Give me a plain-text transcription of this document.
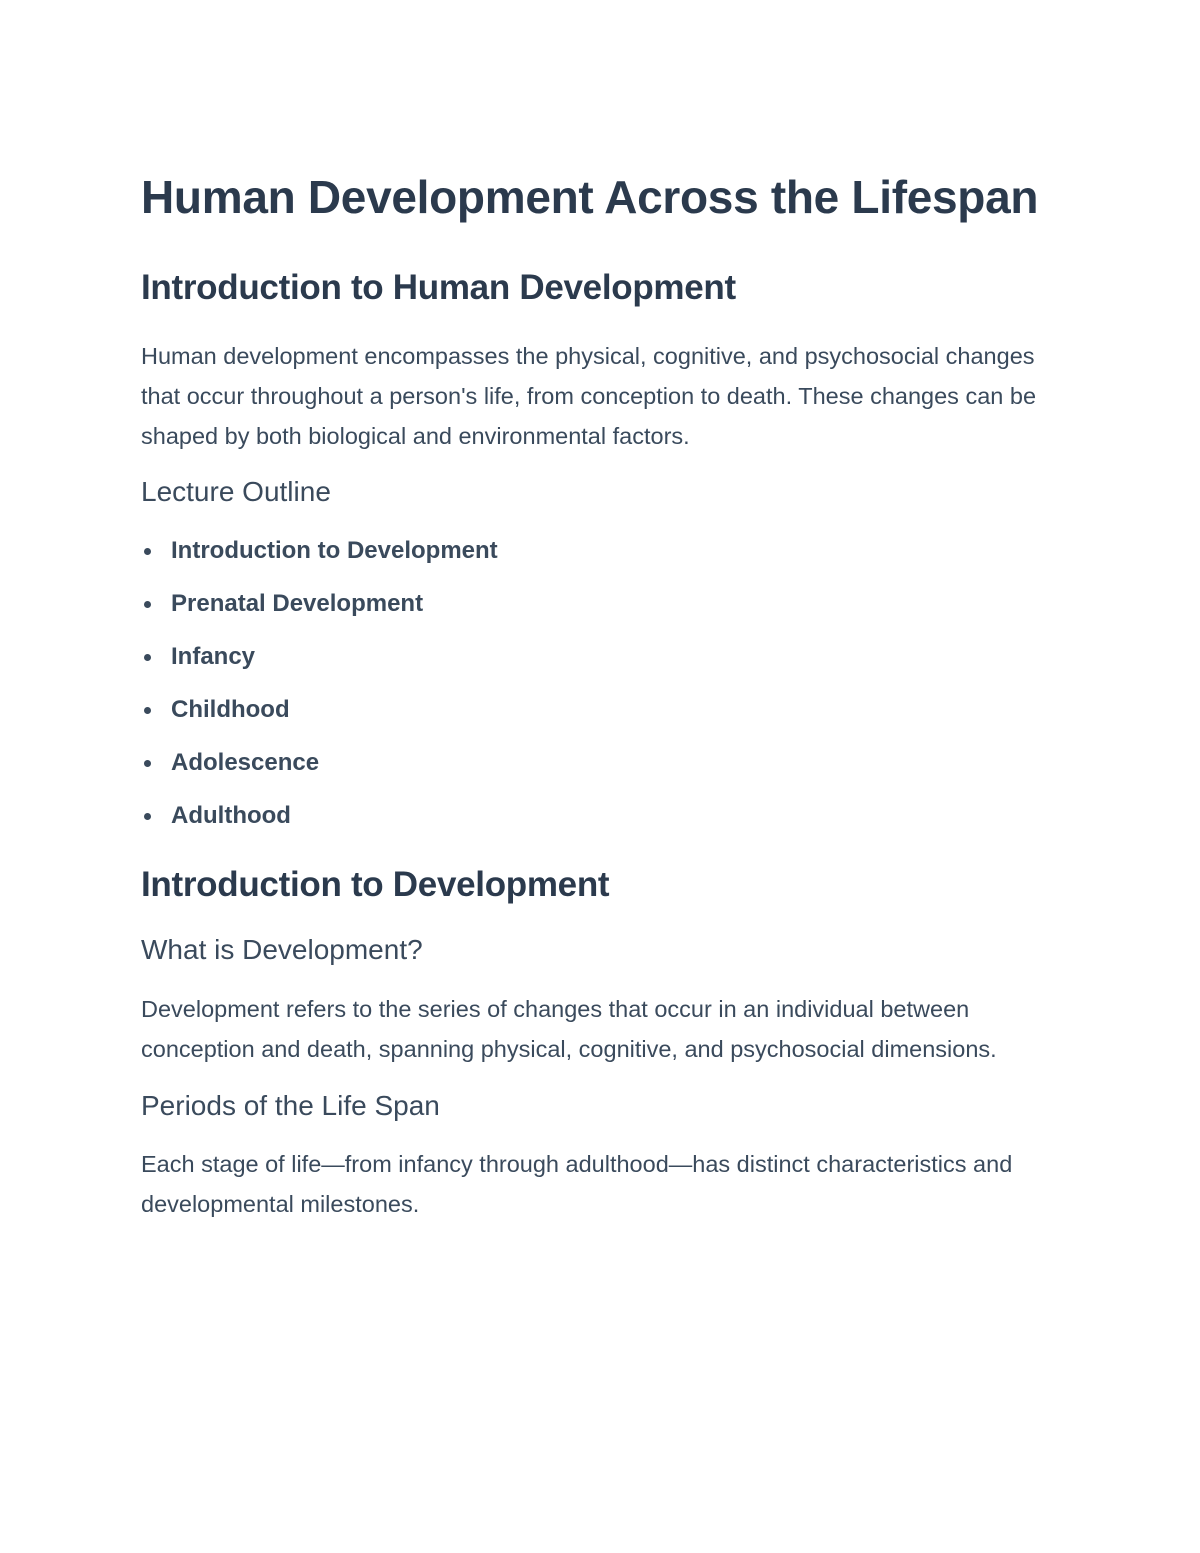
Human Development Across the Lifespan
Introduction to Human Development

Human development encompasses the physical, cognitive, and psychosocial changes that occur throughout a person's life, from conception to death. These changes can be shaped by both biological and environmental factors.

Lecture Outline
Introduction to Development
Prenatal Development
Infancy
Childhood
Adolescence
Adulthood
Introduction to Development
What is Development?

Development refers to the series of changes that occur in an individual between conception and death, spanning physical, cognitive, and psychosocial dimensions.

Periods of the Life Span

Each stage of life—from infancy through adulthood—has distinct characteristics and developmental milestones.
